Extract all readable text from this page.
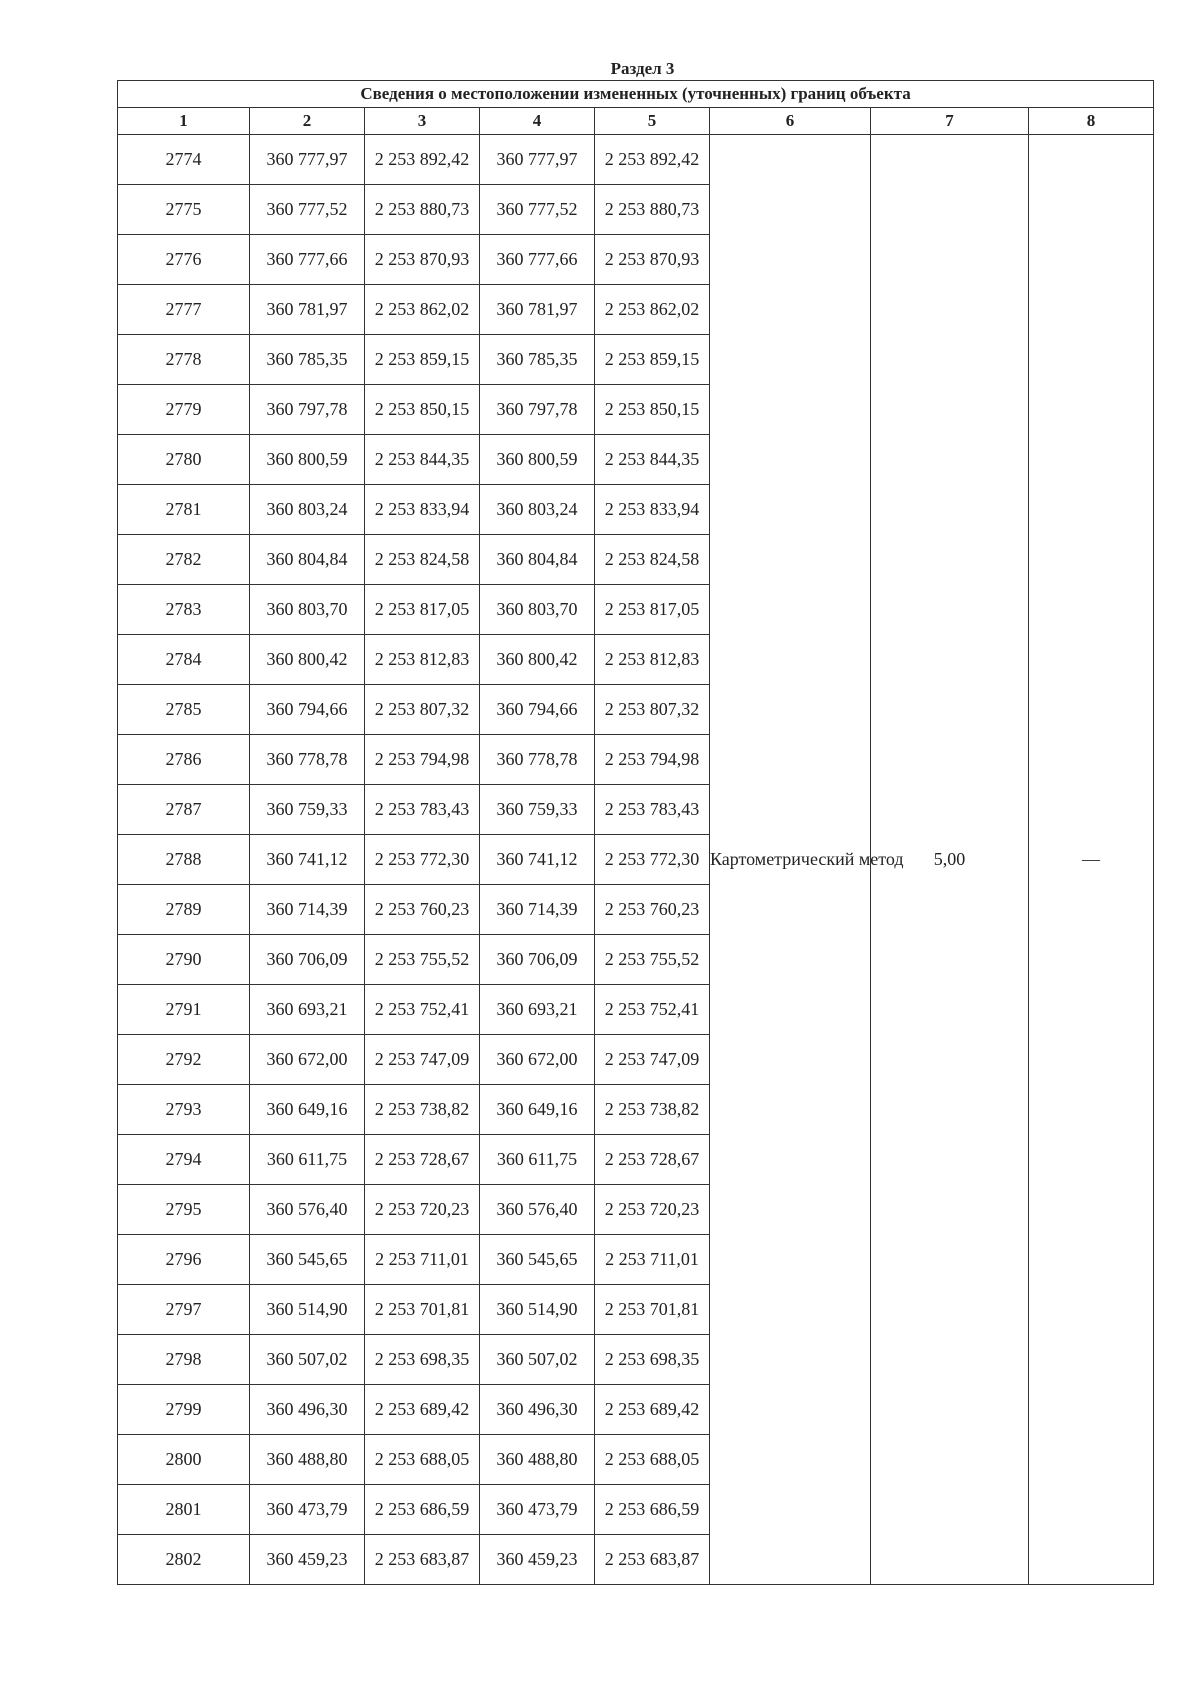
Раздел 3
Сведения о местоположении измененных (уточненных) границ объекта							
1	2	3	4	5	6	7	8
2774	360 777,97	2 253 892,42	360 777,97	2 253 892,42	Картометрический метод	5,00	—
2775	360 777,52	2 253 880,73	360 777,52	2 253 880,73			
2776	360 777,66	2 253 870,93	360 777,66	2 253 870,93			
2777	360 781,97	2 253 862,02	360 781,97	2 253 862,02			
2778	360 785,35	2 253 859,15	360 785,35	2 253 859,15			
2779	360 797,78	2 253 850,15	360 797,78	2 253 850,15			
2780	360 800,59	2 253 844,35	360 800,59	2 253 844,35			
2781	360 803,24	2 253 833,94	360 803,24	2 253 833,94			
2782	360 804,84	2 253 824,58	360 804,84	2 253 824,58			
2783	360 803,70	2 253 817,05	360 803,70	2 253 817,05			
2784	360 800,42	2 253 812,83	360 800,42	2 253 812,83			
2785	360 794,66	2 253 807,32	360 794,66	2 253 807,32			
2786	360 778,78	2 253 794,98	360 778,78	2 253 794,98			
2787	360 759,33	2 253 783,43	360 759,33	2 253 783,43			
2788	360 741,12	2 253 772,30	360 741,12	2 253 772,30			
2789	360 714,39	2 253 760,23	360 714,39	2 253 760,23			
2790	360 706,09	2 253 755,52	360 706,09	2 253 755,52			
2791	360 693,21	2 253 752,41	360 693,21	2 253 752,41			
2792	360 672,00	2 253 747,09	360 672,00	2 253 747,09			
2793	360 649,16	2 253 738,82	360 649,16	2 253 738,82			
2794	360 611,75	2 253 728,67	360 611,75	2 253 728,67			
2795	360 576,40	2 253 720,23	360 576,40	2 253 720,23			
2796	360 545,65	2 253 711,01	360 545,65	2 253 711,01			
2797	360 514,90	2 253 701,81	360 514,90	2 253 701,81			
2798	360 507,02	2 253 698,35	360 507,02	2 253 698,35			
2799	360 496,30	2 253 689,42	360 496,30	2 253 689,42			
2800	360 488,80	2 253 688,05	360 488,80	2 253 688,05			
2801	360 473,79	2 253 686,59	360 473,79	2 253 686,59			
2802	360 459,23	2 253 683,87	360 459,23	2 253 683,87			
